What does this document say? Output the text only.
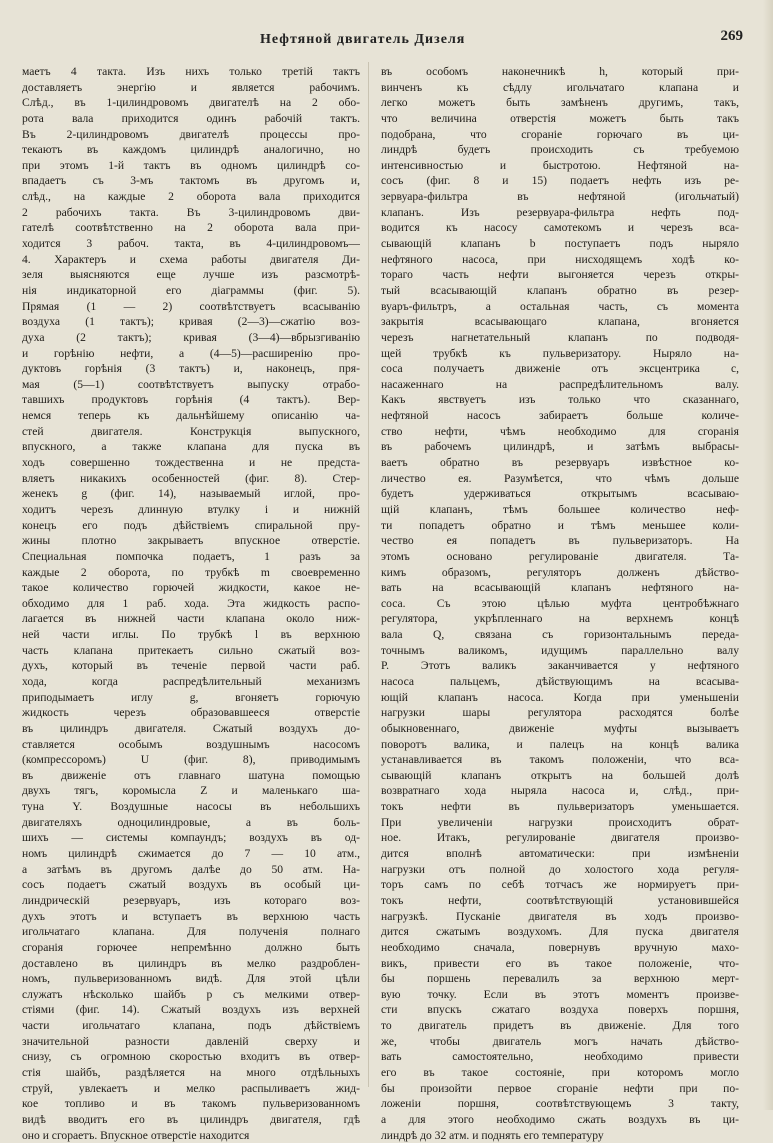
Нефтяной двигатель Дизеля	269
маетъ 4 такта. Изъ нихъ только третій тактъ
доставляетъ энергію и является рабочимъ.
Слѣд., въ 1-цилиндровомъ двигателѣ на 2 обо-
рота вала приходится одинъ рабочій тактъ.
Въ 2-цилиндровомъ двигателѣ процессы про-
текаютъ въ каждомъ цилиндрѣ аналогично, но
при этомъ 1-й тактъ въ одномъ цилиндрѣ со-
впадаетъ съ 3-мъ тактомъ въ другомъ и,
слѣд., на каждые 2 оборота вала приходится
2 рабочихъ такта. Въ 3-цилиндровомъ дви-
гателѣ соотвѣтственно на 2 оборота вала при-
ходится 3 рабоч. такта, въ 4-цилиндровомъ—
4. Характеръ и схема работы двигателя Ди-
зеля выясняются еще лучше изъ разсмотрѣ-
нія индикаторной его діаграммы (фиг. 5).
Прямая (1 — 2) соотвѣтствуетъ всасыванію
воздуха (1 тактъ); кривая (2—3)—сжатію воз-
духа (2 тактъ); кривая (3—4)—вбрызгиванію
и горѣнію нефти, а (4—5)—расширенію про-
дуктовъ горѣнія (3 тактъ) и, наконецъ, пря-
мая (5—1) соотвѣтствуетъ выпуску отрабо-
тавшихъ продуктовъ горѣнія (4 тактъ). Вер-
немся теперь къ дальнѣйшему описанію ча-
стей двигателя. Конструкція выпускного,
впускного, а также клапана для пуска въ
ходъ совершенно тождественна и не предста-
вляетъ никакихъ особенностей (фиг. 8). Стер-
женекъ g (фиг. 14), называемый иглой, про-
ходитъ черезъ длинную втулку i и нижній
конецъ его подъ дѣйствіемъ спиральной пру-
жины плотно закрываетъ впускное отверстіе.
Специальная помпочка подаетъ, 1 разъ за
каждые 2 оборота, по трубкѣ m своевременно
такое количество горючей жидкости, какое не-
обходимо для 1 раб. хода. Эта жидкость распо-
лагается въ нижней части клапана около ниж-
ней части иглы. По трубкѣ l въ верхнюю
часть клапана притекаетъ сильно сжатый воз-
духъ, который въ теченіе первой части раб.
хода, когда распредѣлительный механизмъ
приподымаетъ иглу g, вгоняетъ горючую
жидкость черезъ образовавшееся отверстіе
въ цилиндръ двигателя. Сжатый воздухъ до-
ставляется особымъ воздушнымъ насосомъ
(компрессоромъ) U (фиг. 8), приводимымъ
въ движеніе отъ главнаго шатуна помощью
двухъ тягъ, коромысла Z и маленькаго ша-
туна Y. Воздушные насосы въ небольшихъ
двигателяхъ одноцилиндровые, а въ боль-
шихъ — системы компаундъ; воздухъ въ од-
номъ цилиндрѣ сжимается до 7 — 10 атм.,
а затѣмъ въ другомъ далѣе до 50 атм. На-
сосъ подаетъ сжатый воздухъ въ особый ци-
линдрическій резервуаръ, изъ котораго воз-
духъ этотъ и вступаетъ въ верхнюю часть
игольчатаго клапана. Для полученія полнаго
сгоранія горючее непремѣнно должно быть
доставлено въ цилиндръ въ мелко раздроблен-
номъ, пульверизованномъ видѣ. Для этой цѣли
служатъ нѣсколько шайбъ p съ мелкими отвер-
стіями (фиг. 14). Сжатый воздухъ изъ верхней
части игольчатаго клапана, подъ дѣйствіемъ
значительной разности давленій сверху и
снизу, съ огромною скоростью входитъ въ отвер-
стія шайбъ, раздѣляется на много отдѣльныхъ
струй, увлекаетъ и мелко распыливаетъ жид-
кое топливо и въ такомъ пульверизованномъ
видѣ вводитъ его въ цилиндръ двигателя, гдѣ
оно и сгораетъ. Впускное отверстіе находится
въ особомъ наконечникѣ h, который при-
винченъ къ сѣдлу игольчатаго клапана и
легко можетъ быть замѣненъ другимъ, такъ,
что величина отверстія можетъ быть такъ
подобрана, что сгораніе горючаго въ ци-
линдрѣ будетъ происходить съ требуемою
интенсивностью и быстротою. Нефтяной на-
сосъ (фиг. 8 и 15) подаетъ нефть изъ ре-
зервуара-фильтра въ нефтяной (игольчатый)
клапанъ. Изъ резервуара-фильтра нефть под-
водится къ насосу самотекомъ и черезъ вса-
сывающій клапанъ b поступаетъ подъ ныряло
нефтяного насоса, при нисходящемъ ходѣ ко-
тораго часть нефти выгоняется черезъ откры-
тый всасывающій клапанъ обратно въ резер-
вуаръ-фильтръ, а остальная часть, съ момента
закрытія всасывающаго клапана, вгоняется
черезъ нагнетательный клапанъ по подводя-
щей трубкѣ къ пульверизатору. Ныряло на-
соса получаетъ движеніе отъ эксцентрика c,
насаженнаго на распредѣлительномъ валу.
Какъ явствуетъ изъ только что сказаннаго,
нефтяной насосъ забираетъ больше количе-
ство нефти, чѣмъ необходимо для сгоранія
въ рабочемъ цилиндрѣ, и затѣмъ выбрасы-
ваетъ обратно въ резервуаръ извѣстное ко-
личество ея. Разумѣется, что чѣмъ дольше
будетъ удерживаться открытымъ всасываю-
щій клапанъ, тѣмъ большее количество неф-
ти попадетъ обратно и тѣмъ меньшее коли-
чество ея попадетъ въ пульверизаторъ. На
этомъ основано регулированіе двигателя. Та-
кимъ образомъ, регуляторъ долженъ дѣйство-
вать на всасывающій клапанъ нефтяного на-
соса. Съ этою цѣлью муфта центробѣжнаго
регулятора, укрѣпленнаго на верхнемъ концѣ
вала Q, связана съ горизонтальнымъ переда-
точнымъ валикомъ, идущимъ параллельно валу
P. Этотъ валикъ заканчивается у нефтяного
насоса пальцемъ, дѣйствующимъ на всасыва-
ющій клапанъ насоса. Когда при уменьшеніи
нагрузки шары регулятора расходятся болѣе
обыкновеннаго, движеніе муфты вызываетъ
поворотъ валика, и палецъ на концѣ валика
устанавливается въ такомъ положеніи, что вса-
сывающій клапанъ открытъ на большей долѣ
возвратнаго хода ныряла насоса и, слѣд., при-
токъ нефти въ пульверизаторъ уменьшается.
При увеличеніи нагрузки происходитъ обрат-
ное. Итакъ, регулированіе двигателя произво-
дится вполнѣ автоматически: при измѣненіи
нагрузки отъ полной до холостого хода регуля-
торъ самъ по себѣ тотчасъ же нормируетъ при-
токъ нефти, соотвѣтствующій установившейся
нагрузкѣ. Пусканіе двигателя въ ходъ произво-
дится сжатымъ воздухомъ. Для пуска двигателя
необходимо сначала, повернувъ вручную махо-
викъ, привести его въ такое положеніе, что-
бы поршень перевалилъ за верхнюю мерт-
вую точку. Если въ этотъ моментъ произве-
сти впускъ сжатаго воздуха поверхъ поршня,
то двигатель придетъ въ движеніе. Для того
же, чтобы двигатель могъ начать дѣйство-
вать самостоятельно, необходимо привести
его въ такое состояніе, при которомъ могло
бы произойти первое сгораніе нефти при по-
ложеніи поршня, соотвѣтствующемъ 3 такту,
а для этого необходимо сжать воздухъ въ ци-
линдрѣ до 32 атм. и поднять его температуру
